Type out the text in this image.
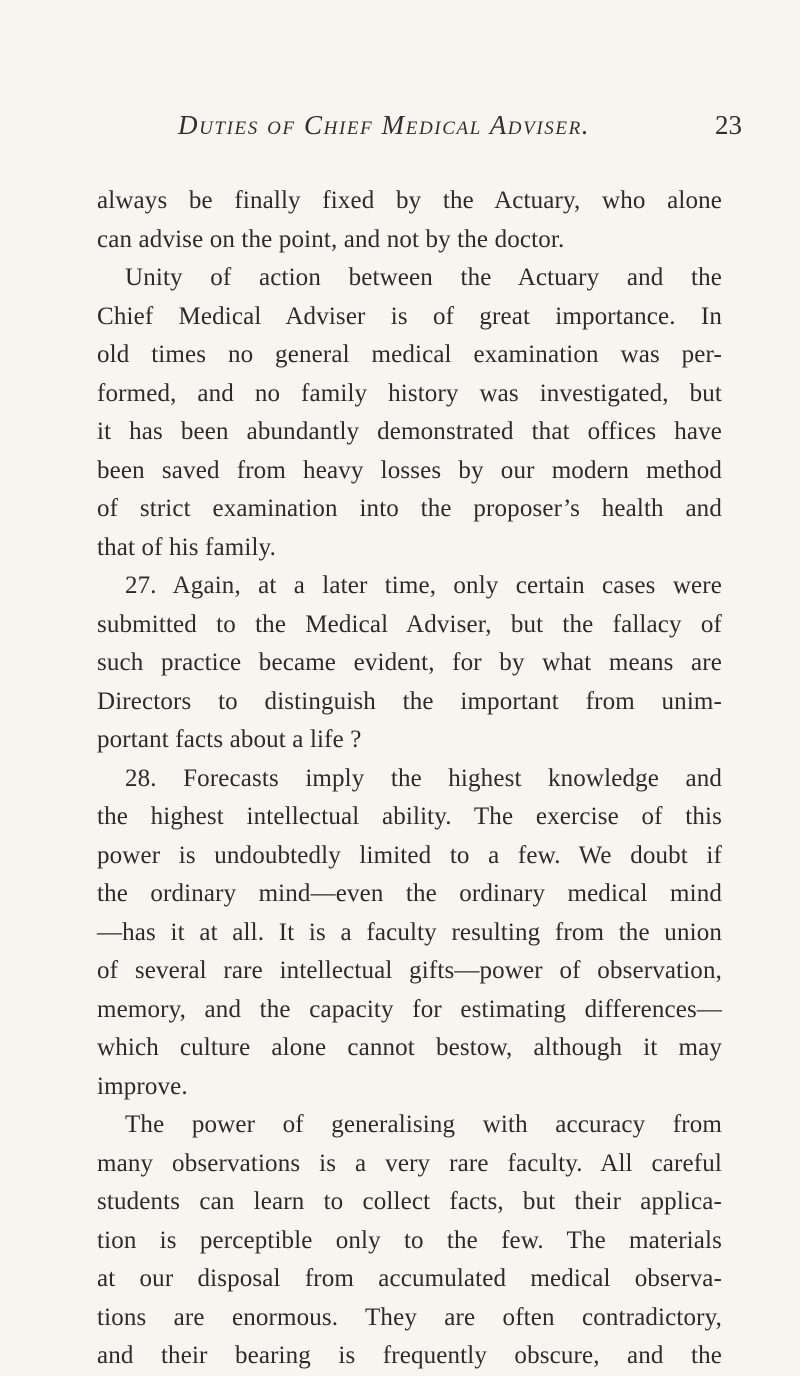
Duties of Chief Medical Adviser.	23
always be finally fixed by the Actuary, who alone
can advise on the point, and not by the doctor.
Unity of action between the Actuary and the
Chief Medical Adviser is of great importance. In
old times no general medical examination was per-
formed, and no family history was investigated, but
it has been abundantly demonstrated that offices have
been saved from heavy losses by our modern method
of strict examination into the proposer’s health and
that of his family.
27. Again, at a later time, only certain cases were
submitted to the Medical Adviser, but the fallacy of
such practice became evident, for by what means are
Directors to distinguish the important from unim-
portant facts about a life ?
28. Forecasts imply the highest knowledge and
the highest intellectual ability. The exercise of this
power is undoubtedly limited to a few. We doubt if
the ordinary mind—even the ordinary medical mind
—has it at all. It is a faculty resulting from the union
of several rare intellectual gifts—power of observation,
memory, and the capacity for estimating differences—
which culture alone cannot bestow, although it may
improve.
The power of generalising with accuracy from
many observations is a very rare faculty. All careful
students can learn to collect facts, but their applica-
tion is perceptible only to the few. The materials
at our disposal from accumulated medical observa-
tions are enormous. They are often contradictory,
and their bearing is frequently obscure, and the
